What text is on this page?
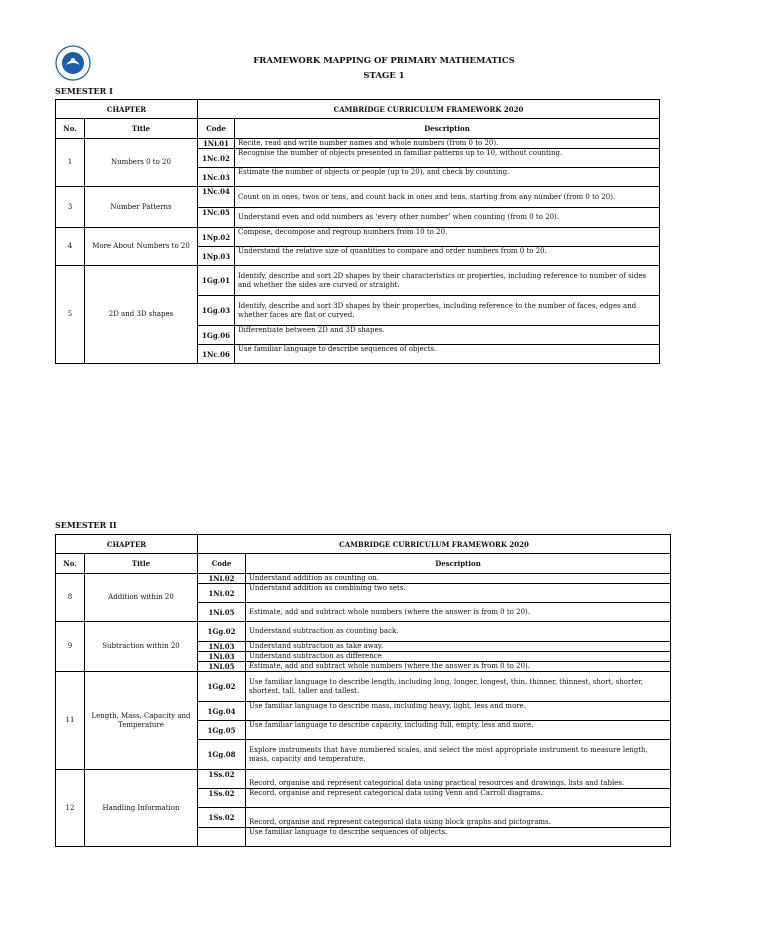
FRAMEWORK MAPPING OF PRIMARY MATHEMATICS
STAGE 1
SEMESTER I
CHAPTER		CAMBRIDGE CURRICULUM FRAMEWORK 2020	
No.	Title	Code	Description
1	Numbers 0 to 20	1Ni.01	Recite, read and write number names and whole numbers (from 0 to 20).
		1Nc.02	Recognise the number of objects presented in familiar patterns up to 10, without counting.
		1Nc.03	Estimate the number of objects or people (up to 20), and check by counting.
3	Number Patterns	1Nc.04	Count on in ones, twos or tens, and count back in ones and tens, starting from any number (from 0 to 20).
		1Nc.05	Understand even and odd numbers as ‘every other number’ when counting (from 0 to 20).
4	More About Numbers to 20	1Np.02	Compose, decompose and regroup numbers from 10 to 20.
		1Np.03	Understand the relative size of quantities to compare and order numbers from 0 to 20.
5	2D and 3D shapes	1Gg.01	Identify, describe and sort 2D shapes by their characteristics or properties, including reference to number of sides and whether the sides are curved or straight.
		1Gg.03	Identify, describe and sort 3D shapes by their properties, including reference to the number of faces, edges and whether faces are flat or curved.
		1Gg.06	Differentiate between 2D and 3D shapes.
		1Nc.06	Use familiar language to describe sequences of objects.
SEMESTER II
CHAPTER		CAMBRIDGE CURRICULUM FRAMEWORK 2020	
No.	Title	Code	Description
8	Addition within 20	1Ni.02	Understand addition as counting on.
		1Ni.02	Understand addition as combining two sets.
		1Ni.05	Estimate, add and subtract whole numbers (where the answer is from 0 to 20).
9	Subtraction within 20	1Gg.02	Understand subtraction as counting back.
		1Ni.03	Understand subtraction as take away.
		1Ni.03	Understand subtraction as difference
		1Ni.05	Estimate, add and subtract whole numbers (where the answer is from 0 to 20).
11	Length, Mass, Capacity and Temperature	1Gg.02	Use familiar language to describe length, including long, longer, longest, thin, thinner, thinnest, short, shorter, shortest, tall, taller and tallest.
		1Gg.04	Use familiar language to describe mass, including heavy, light, less and more.
		1Gg.05	Use familiar language to describe capacity, including full, empty, less and more.
		1Gg.08	Explore instruments that have numbered scales, and select the most appropriate instrument to measure length, mass, capacity and temperature.
12	Handling Information	1Ss.02	Record, organise and represent categorical data using practical resources and drawings, lists and tables.
		1Ss.02	Record, organise and represent categorical data using Venn and Carroll diagrams.
		1Ss.02	Record, organise and represent categorical data using block graphs and pictograms.
			Use familiar language to describe sequences of objects.
